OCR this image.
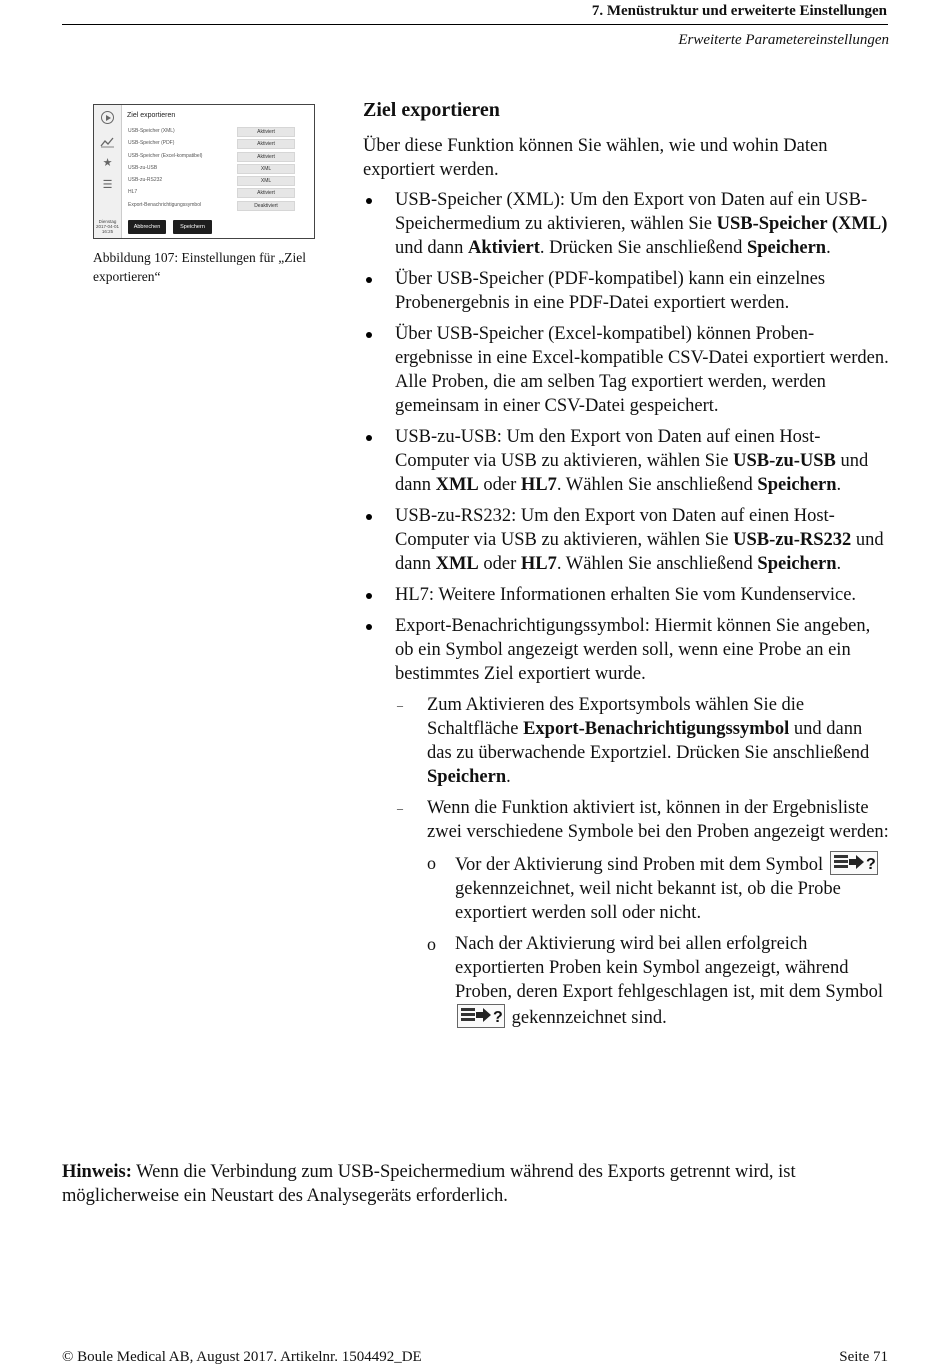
7. Menüstruktur und erweiterte Einstellungen
Erweiterte Parametereinstellungen
★
☰
Dienstag 2017-04-01 16:25
Ziel exportieren
USB-Speicher (XML)	Aktiviert
USB-Speicher (PDF)	Aktiviert
USB-Speicher (Excel-kompatibel)	Aktiviert
USB-zu-USB	XML
USB-zu-RS232	XML
HL7	Aktiviert
Export-Benachrichtigungssymbol	Deaktiviert
Abbrechen	Speichern
Abbildung 107: Einstellungen für „Ziel exportieren“
Ziel exportieren
Über diese Funktion können Sie wählen, wie und wohin Daten exportiert werden.
USB-Speicher (XML): Um den Export von Daten auf ein USB-Speichermedium zu aktivieren, wählen Sie USB-Speicher (XML) und dann Aktiviert. Drücken Sie anschließend Speichern.
Über USB-Speicher (PDF-kompatibel) kann ein einzelnes Probenergebnis in eine PDF-Datei exportiert werden.
Über USB-Speicher (Excel-kompatibel) können Proben-ergebnisse in eine Excel-kompatible CSV-Datei exportiert werden. Alle Proben, die am selben Tag exportiert werden, werden gemeinsam in einer CSV-Datei gespeichert.
USB-zu-USB: Um den Export von Daten auf einen Host-Computer via USB zu aktivieren, wählen Sie USB-zu-USB und dann XML oder HL7. Wählen Sie anschließend Speichern.
USB-zu-RS232: Um den Export von Daten auf einen Host-Computer via USB zu aktivieren, wählen Sie USB-zu-RS232 und dann XML oder HL7. Wählen Sie anschließend Speichern.
HL7: Weitere Informationen erhalten Sie vom Kundenservice.
Export-Benachrichtigungssymbol: Hiermit können Sie angeben, ob ein Symbol angezeigt werden soll, wenn eine Probe an ein bestimmtes Ziel exportiert wurde.
– Zum Aktivieren des Exportsymbols wählen Sie die Schaltfläche Export-Benachrichtigungssymbol und dann das zu überwachende Exportziel. Drücken Sie anschließend Speichern.
– Wenn die Funktion aktiviert ist, können in der Ergebnisliste zwei verschiedene Symbole bei den Proben angezeigt werden:
o Vor der Aktivierung sind Proben mit dem Symbol ?
gekennzeichnet, weil nicht bekannt ist, ob die Probe exportiert werden soll oder nicht.
o Nach der Aktivierung wird bei allen erfolgreich exportierten Proben kein Symbol angezeigt, während Proben, deren Export fehlgeschlagen ist, mit dem Symbol
? gekennzeichnet sind.
Hinweis: Wenn die Verbindung zum USB-Speichermedium während des Exports getrennt wird, ist möglicherweise ein Neustart des Analysegeräts erforderlich.
© Boule Medical AB, August 2017. Artikelnr. 1504492_DE	Seite 71
